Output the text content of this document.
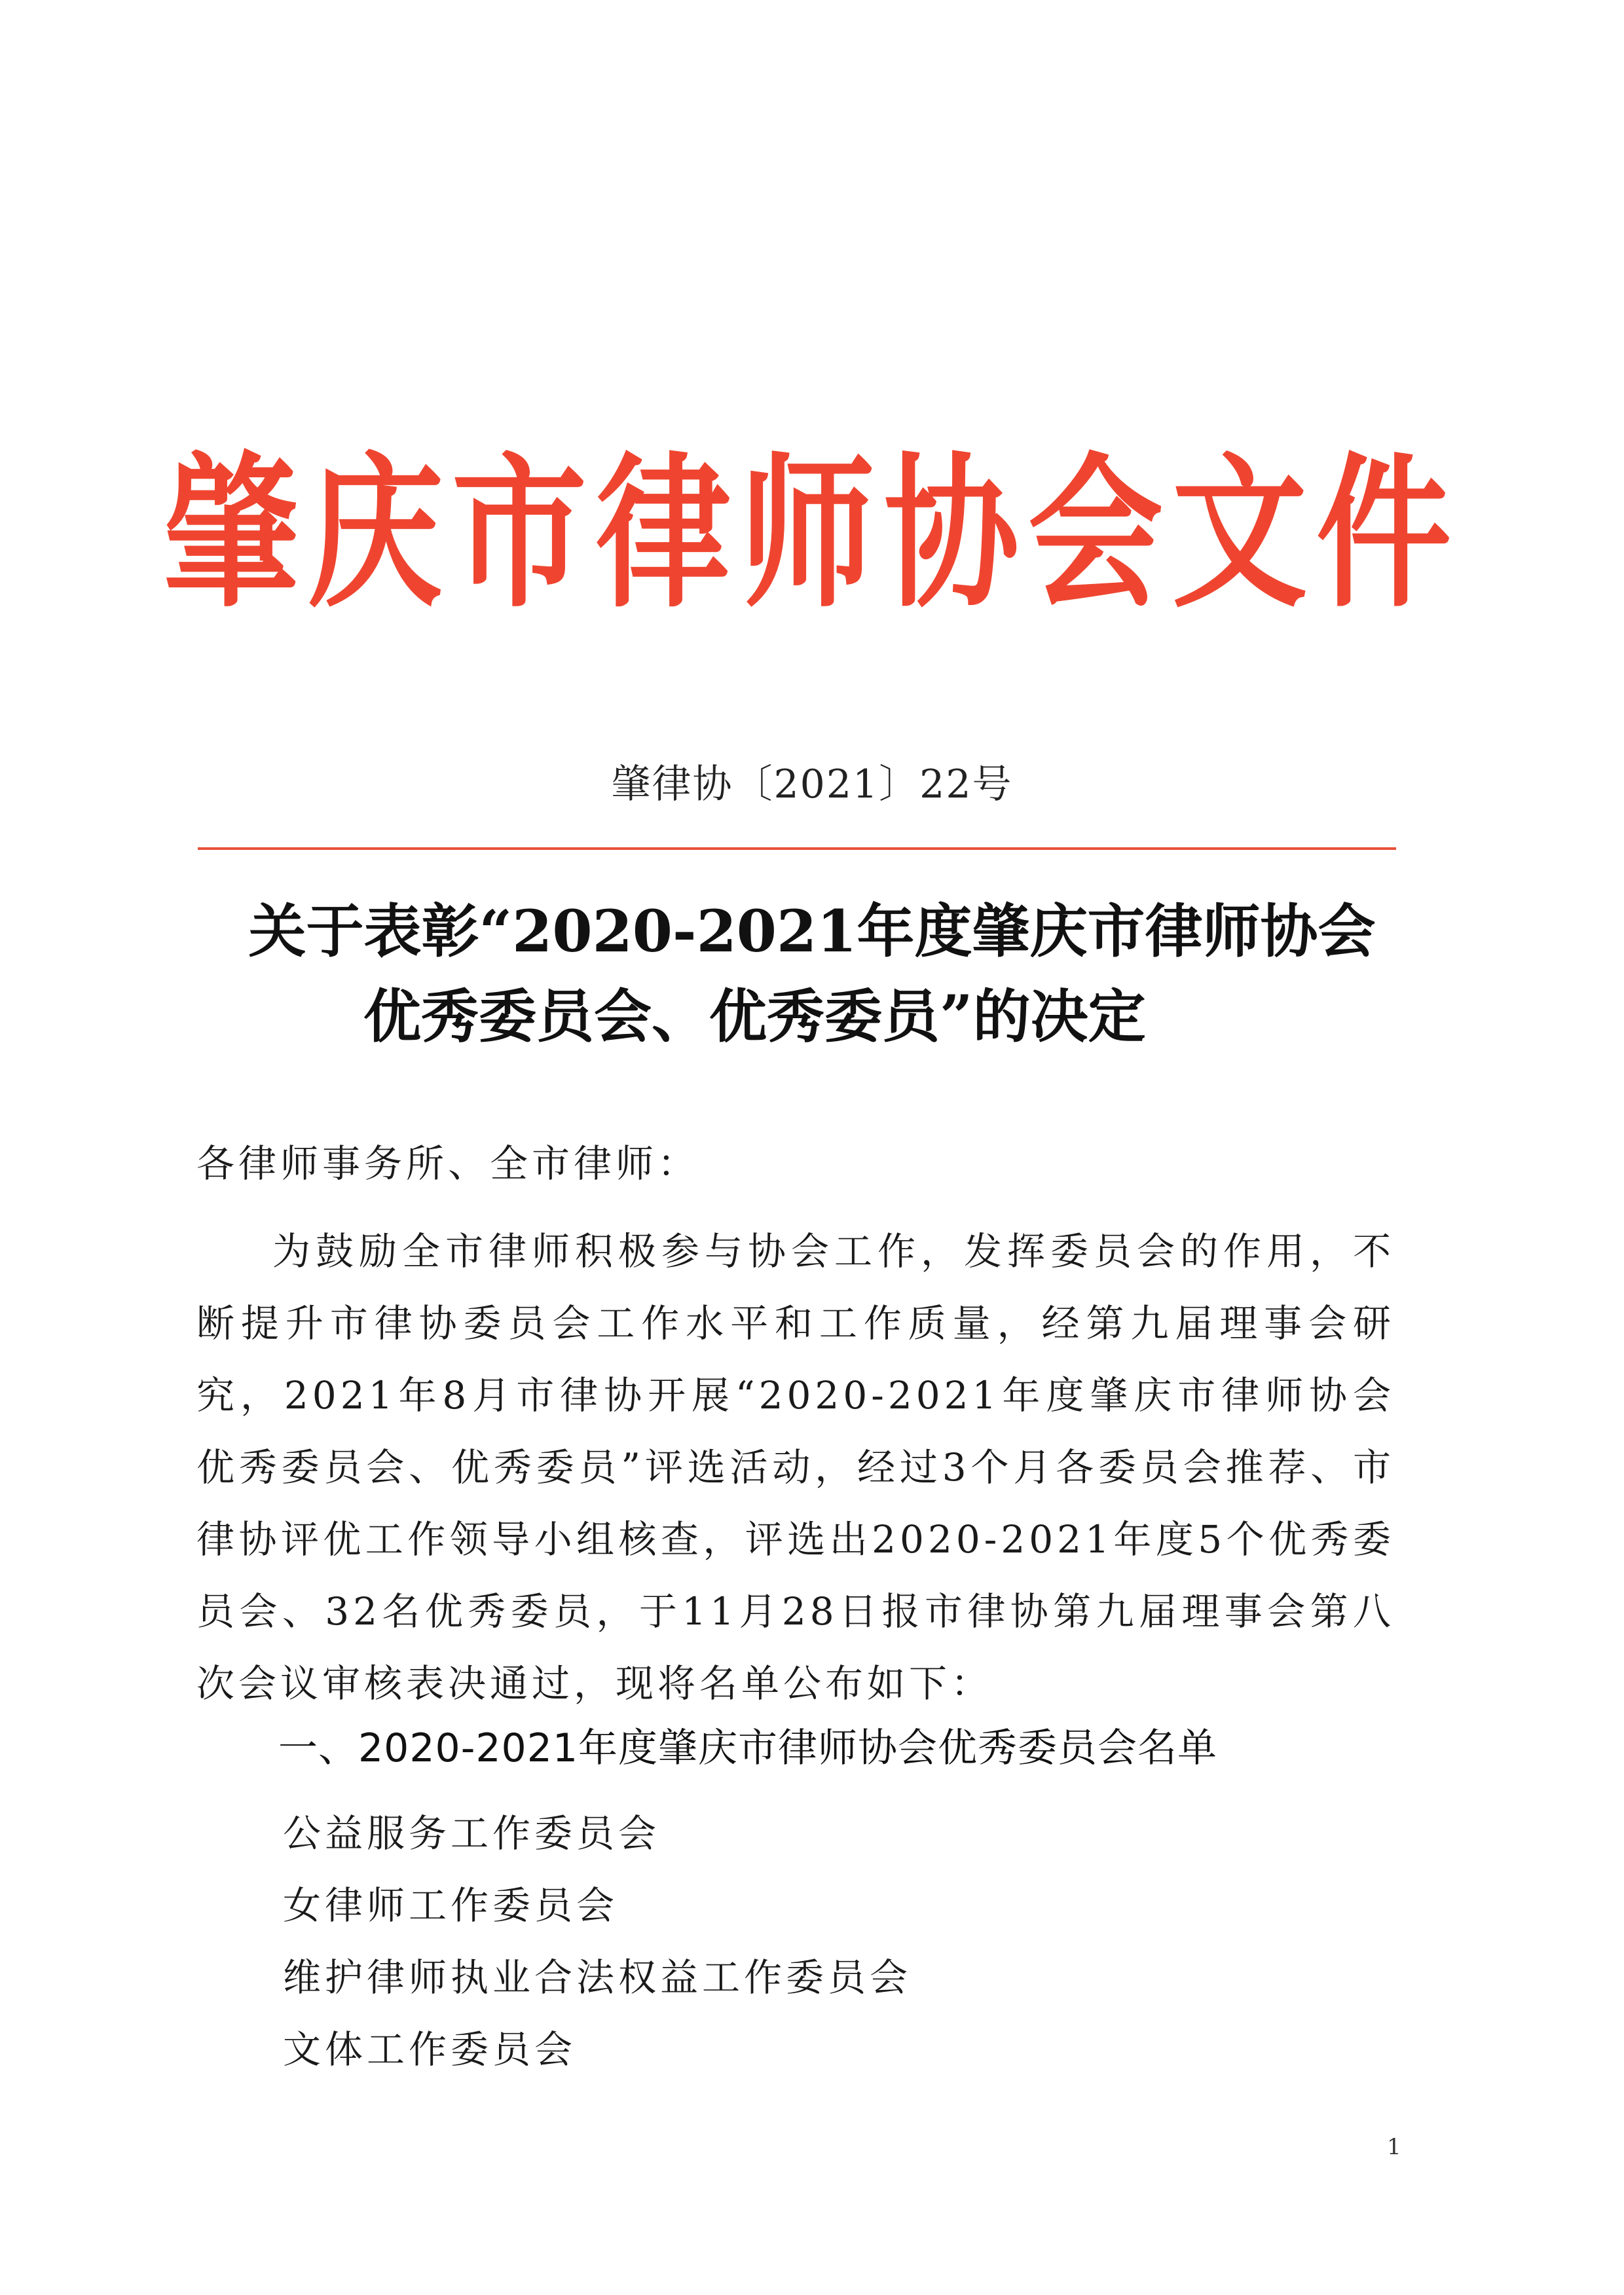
肇庆市律师协会文件
肇律协〔2021〕22号
关于表彰“2020-2021年度肇庆市律师协会
优秀委员会、优秀委员”的决定
各律师事务所、全市律师：

为鼓励全市律师积极参与协会工作，发挥委员会的作用，不断提升市律协委员会工作水平和工作质量，经第九届理事会研究，2021年8月市律协开展“2020-2021年度肇庆市律师协会优秀委员会、优秀委员”评选活动，经过3个月各委员会推荐、市律协评优工作领导小组核查，评选出2020-2021年度5个优秀委员会、32名优秀委员，于11月28日报市律协第九届理事会第八次会议审核表决通过，现将名单公布如下：

一、2020-2021年度肇庆市律师协会优秀委员会名单
公益服务工作委员会
女律师工作委员会
维护律师执业合法权益工作委员会
文体工作委员会
1
